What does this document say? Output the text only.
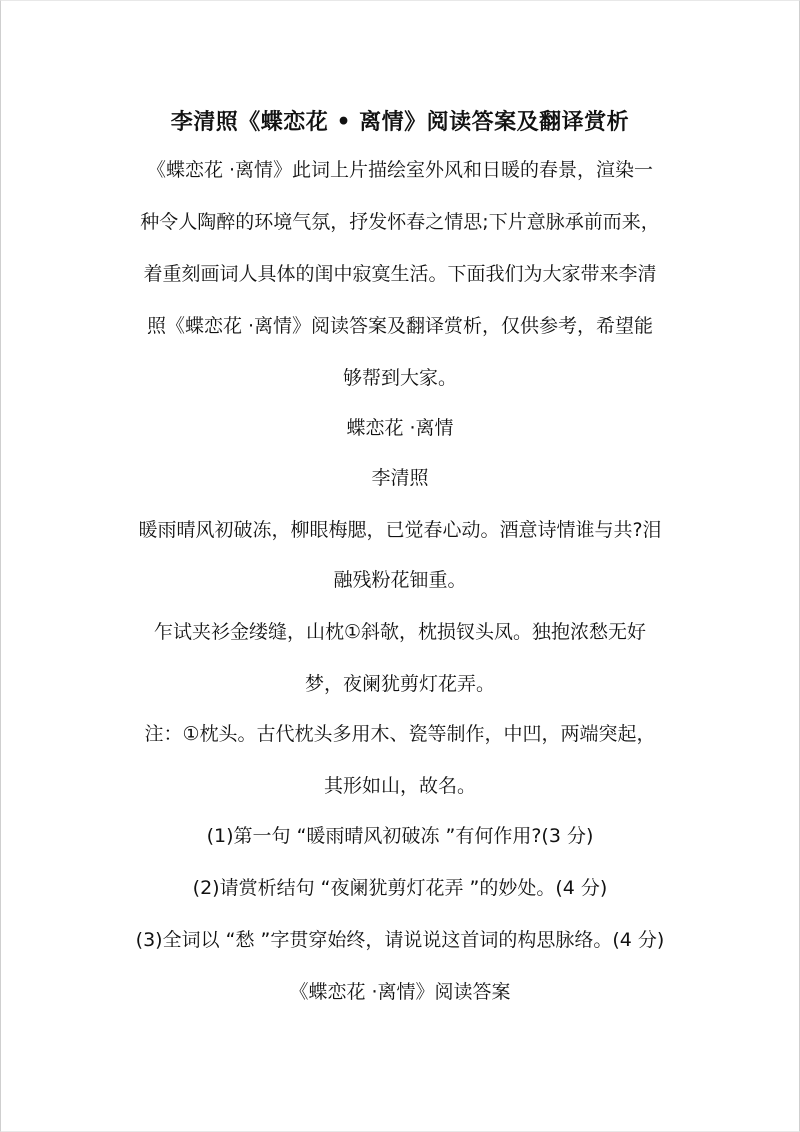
李清照《蝶恋花 • 离情》阅读答案及翻译赏析
《蝶恋花 ·离情》此词上片描绘室外风和日暖的春景，渲染一
种令人陶醉的环境气氛，抒发怀春之情思;下片意脉承前而来，
着重刻画词人具体的闺中寂寞生活。下面我们为大家带来李清
照《蝶恋花 ·离情》阅读答案及翻译赏析，仅供参考，希望能
够帮到大家。
蝶恋花 ·离情
李清照
暖雨晴风初破冻，柳眼梅腮，已觉春心动。酒意诗情谁与共?泪
融残粉花钿重。
乍试夹衫金缕缝，山枕①斜欹，枕损钗头凤。独抱浓愁无好
梦，夜阑犹剪灯花弄。
注：①枕头。古代枕头多用木、瓷等制作，中凹，两端突起，
其形如山，故名。
(1)第一句 “暖雨晴风初破冻 ”有何作用?(3 分)
(2)请赏析结句 “夜阑犹剪灯花弄 ”的妙处。(4 分)
(3)全词以 “愁 ”字贯穿始终，请说说这首词的构思脉络。(4 分)
《蝶恋花 ·离情》阅读答案
